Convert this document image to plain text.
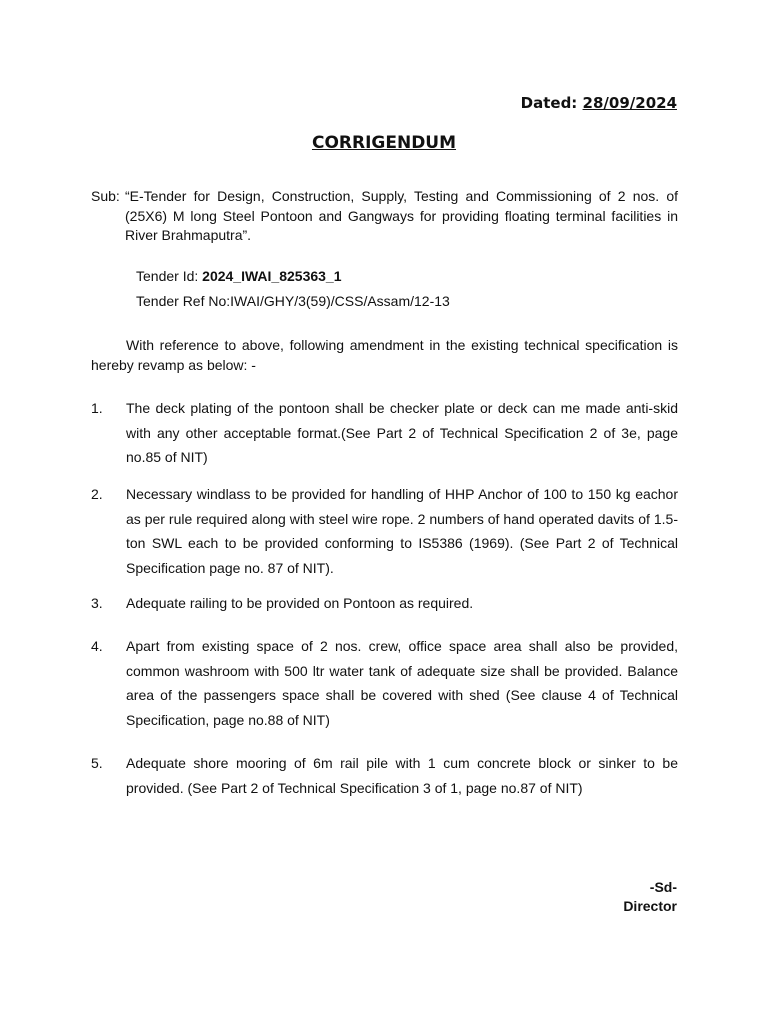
Dated: 28/09/2024
CORRIGENDUM
Sub: “E-Tender for Design, Construction, Supply, Testing and Commissioning of 2 nos. of (25X6) M long Steel Pontoon and Gangways for providing floating terminal facilities in River Brahmaputra”.
Tender Id: 2024_IWAI_825363_1
Tender Ref No:IWAI/GHY/3(59)/CSS/Assam/12-13
With reference to above, following amendment in the existing technical specification is hereby revamp as below: -
1. The deck plating of the pontoon shall be checker plate or deck can me made anti-skid with any other acceptable format.(See Part 2 of Technical Specification 2 of 3e, page no.85 of NIT)
2. Necessary windlass to be provided for handling of HHP Anchor of 100 to 150 kg eachor as per rule required along with steel wire rope. 2 numbers of hand operated davits of 1.5-ton SWL each to be provided conforming to IS5386 (1969). (See Part 2 of Technical Specification page no. 87 of NIT).
3. Adequate railing to be provided on Pontoon as required.
4. Apart from existing space of 2 nos. crew, office space area shall also be provided, common washroom with 500 ltr water tank of adequate size shall be provided. Balance area of the passengers space shall be covered with shed (See clause 4 of Technical Specification, page no.88 of NIT)
5. Adequate shore mooring of 6m rail pile with 1 cum concrete block or sinker to be provided. (See Part 2 of Technical Specification 3 of 1, page no.87 of NIT)
-Sd-
Director
